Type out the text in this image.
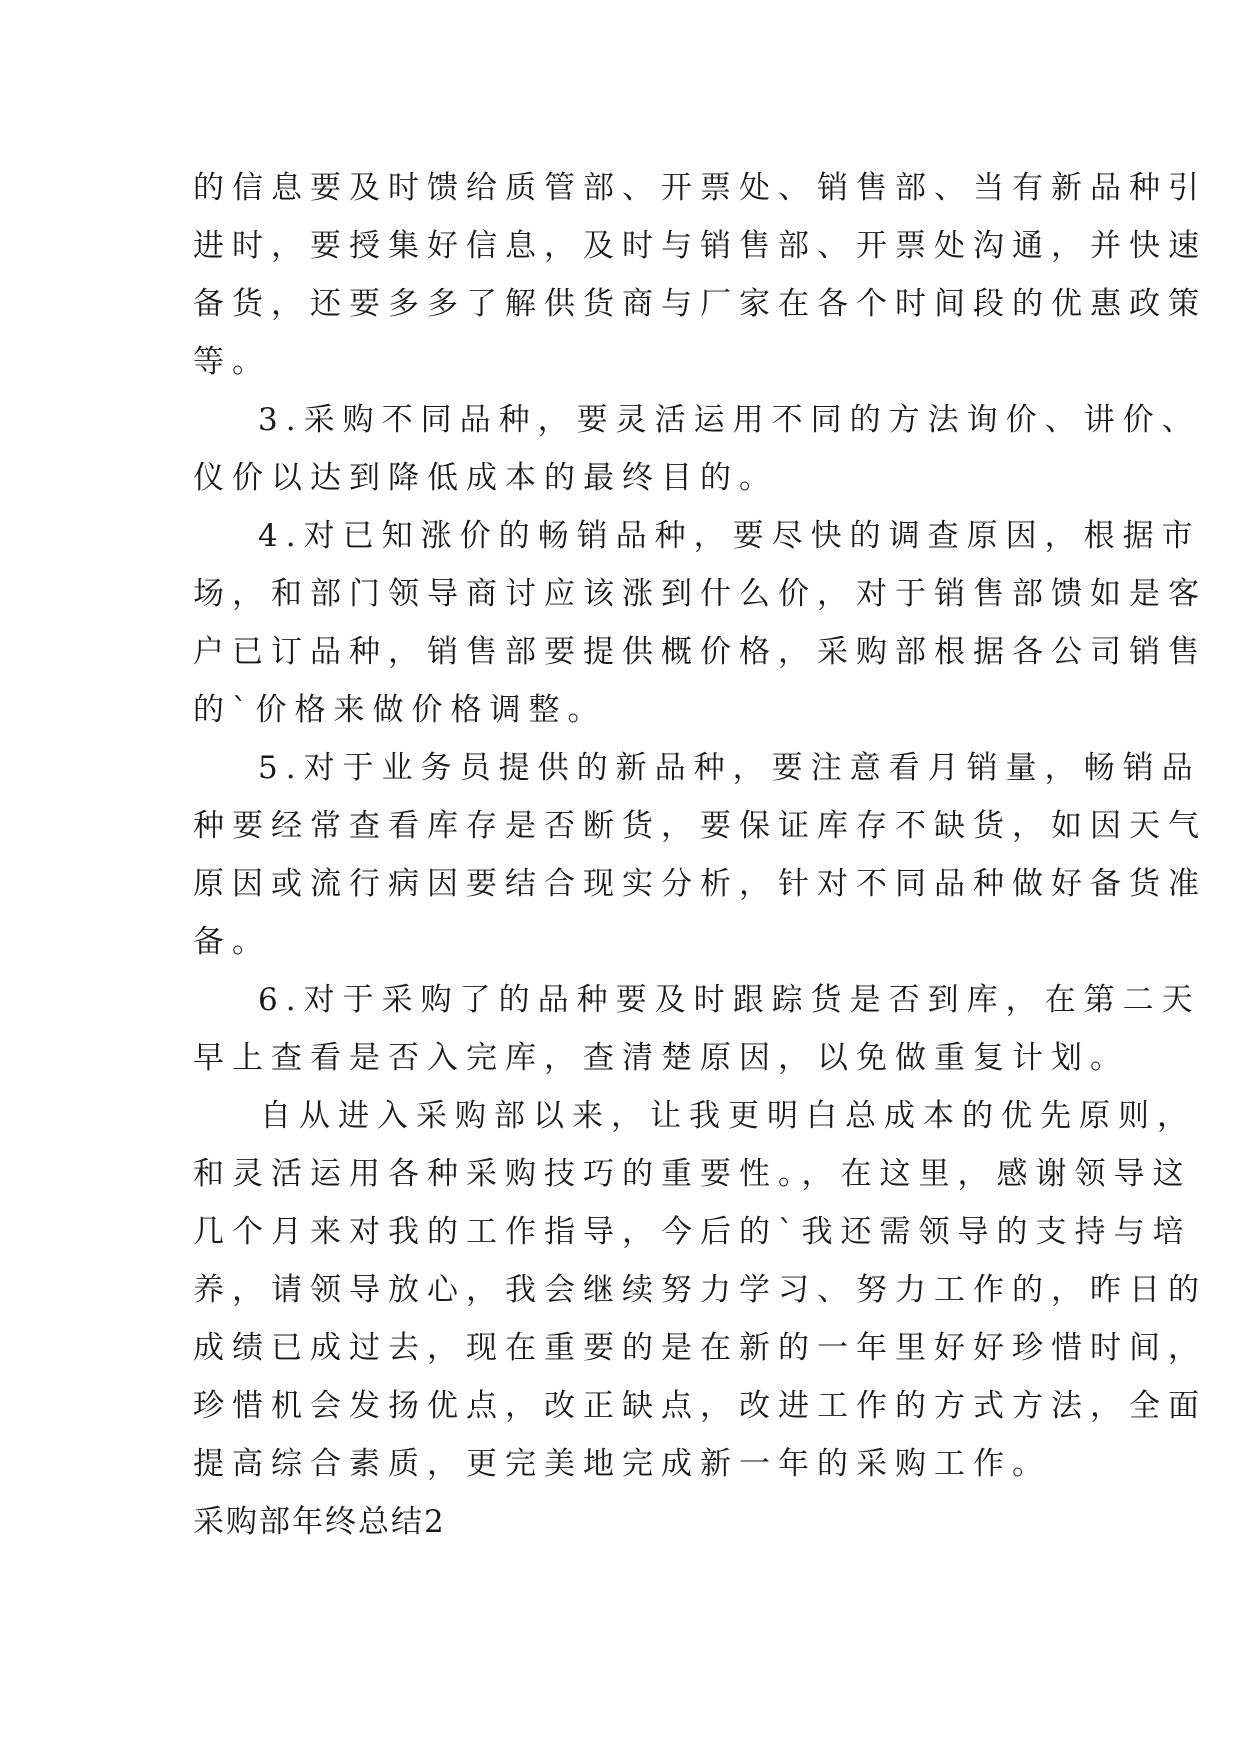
的信息要及时馈给质管部、开票处、销售部、当有新品种引

进时，要授集好信息，及时与销售部、开票处沟通，并快速

备货，还要多多了解供货商与厂家在各个时间段的优惠政策

等。

3.采购不同品种，要灵活运用不同的方法询价、讲价、

仪价以达到降低成本的最终目的。

4.对已知涨价的畅销品种，要尽快的调查原因，根据市

场，和部门领导商讨应该涨到什么价，对于销售部馈如是客

户已订品种，销售部要提供概价格，采购部根据各公司销售

的`价格来做价格调整。

5.对于业务员提供的新品种，要注意看月销量，畅销品

种要经常查看库存是否断货，要保证库存不缺货，如因天气

原因或流行病因要结合现实分析，针对不同品种做好备货准

备。

6.对于采购了的品种要及时跟踪货是否到库，在第二天

早上查看是否入完库，查清楚原因，以免做重复计划。

自从进入采购部以来，让我更明白总成本的优先原则，

和灵活运用各种采购技巧的重要性。，在这里，感谢领导这

几个月来对我的工作指导，今后的`我还需领导的支持与培

养，请领导放心，我会继续努力学习、努力工作的，昨日的

成绩已成过去，现在重要的是在新的一年里好好珍惜时间，

珍惜机会发扬优点，改正缺点，改进工作的方式方法，全面

提高综合素质，更完美地完成新一年的采购工作。

采购部年终总结2
